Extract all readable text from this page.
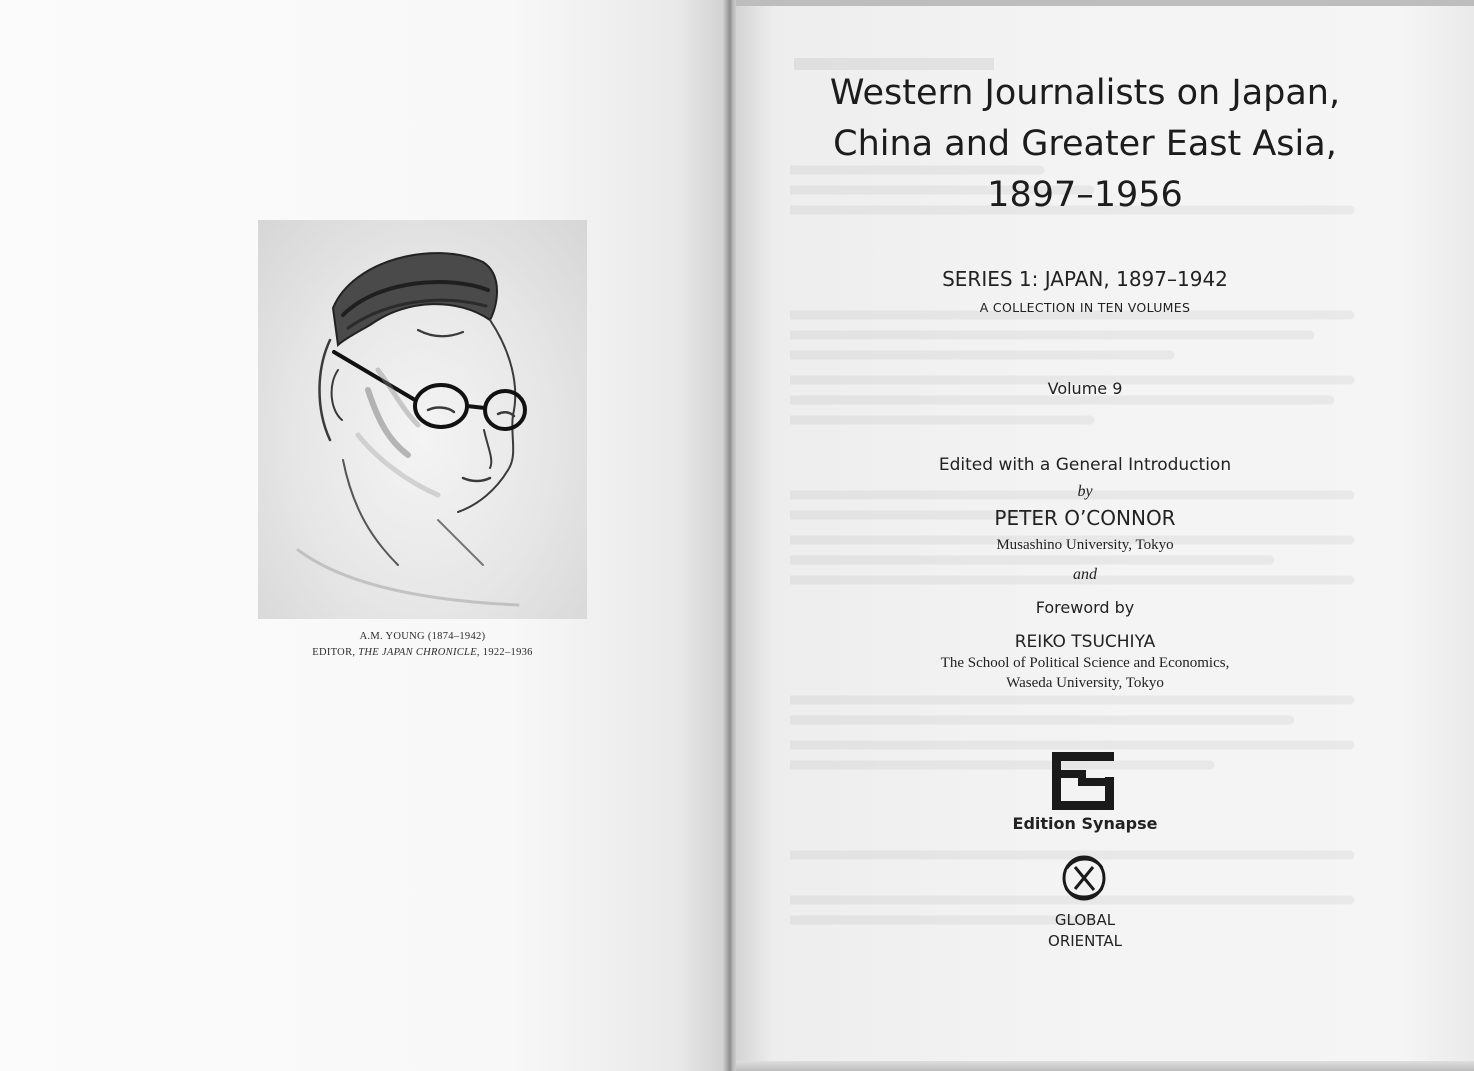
A.M. YOUNG (1874–1942)
EDITOR, THE JAPAN CHRONICLE, 1922–1936
▬▬▬▬▬
Western Journalists on Japan,
China and Greater East Asia,
1897–1956
SERIES 1: JAPAN, 1897–1942
A COLLECTION IN TEN VOLUMES
Volume 9
Edited with a General Introduction
by
PETER O’CONNOR
Musashino University, Tokyo
and
Foreword by
REIKO TSUCHIYA
The School of Political Science and Economics,
Waseda University, Tokyo
Edition Synapse
GLOBAL
ORIENTAL
